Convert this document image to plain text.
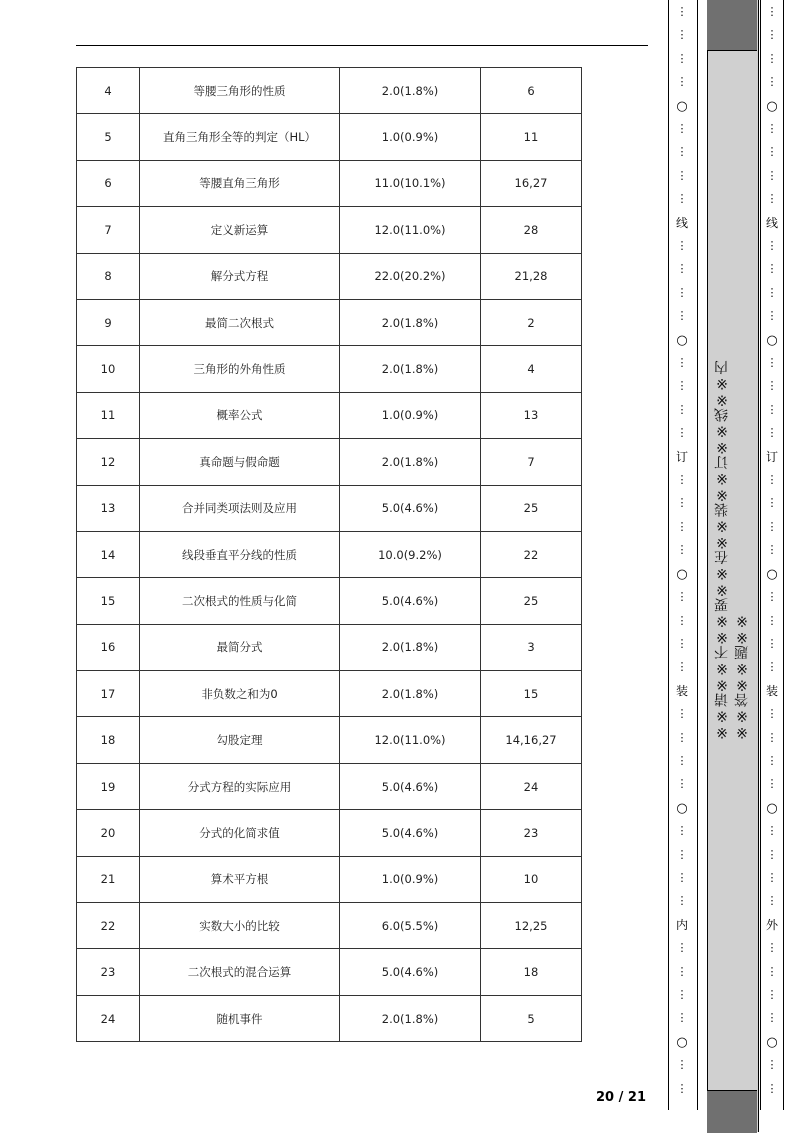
4	等腰三角形的性质	2.0(1.8%)	6
5	直角三角形全等的判定（HL）	1.0(0.9%)	11
6	等腰直角三角形	11.0(10.1%)	16,27
7	定义新运算	12.0(11.0%)	28
8	解分式方程	22.0(20.2%)	21,28
9	最简二次根式	2.0(1.8%)	2
10	三角形的外角性质	2.0(1.8%)	4
11	概率公式	1.0(0.9%)	13
12	真命题与假命题	2.0(1.8%)	7
13	合并同类项法则及应用	5.0(4.6%)	25
14	线段垂直平分线的性质	10.0(9.2%)	22
15	二次根式的性质与化简	5.0(4.6%)	25
16	最简分式	2.0(1.8%)	3
17	非负数之和为0	2.0(1.8%)	15
18	勾股定理	12.0(11.0%)	14,16,27
19	分式方程的实际应用	5.0(4.6%)	24
20	分式的化简求值	5.0(4.6%)	23
21	算术平方根	1.0(0.9%)	10
22	实数大小的比较	6.0(5.5%)	12,25
23	二次根式的混合运算	5.0(4.6%)	18
24	随机事件	2.0(1.8%)	5
20 / 21
※※请※※不※※要※※在※※装※※订※※线※※内※※答※※题※※
⋮
⋮
⋮
⋮
○
⋮
⋮
⋮
⋮
线
⋮
⋮
⋮
⋮
○
⋮
⋮
⋮
⋮
订
⋮
⋮
⋮
⋮
○
⋮
⋮
⋮
⋮
装
⋮
⋮
⋮
⋮
○
⋮
⋮
⋮
⋮
内
⋮
⋮
⋮
⋮
○
⋮
⋮
⋮
⋮
⋮
⋮
○
⋮
⋮
⋮
⋮
线
⋮
⋮
⋮
⋮
○
⋮
⋮
⋮
⋮
订
⋮
⋮
⋮
⋮
○
⋮
⋮
⋮
⋮
装
⋮
⋮
⋮
⋮
○
⋮
⋮
⋮
⋮
外
⋮
⋮
⋮
⋮
○
⋮
⋮
